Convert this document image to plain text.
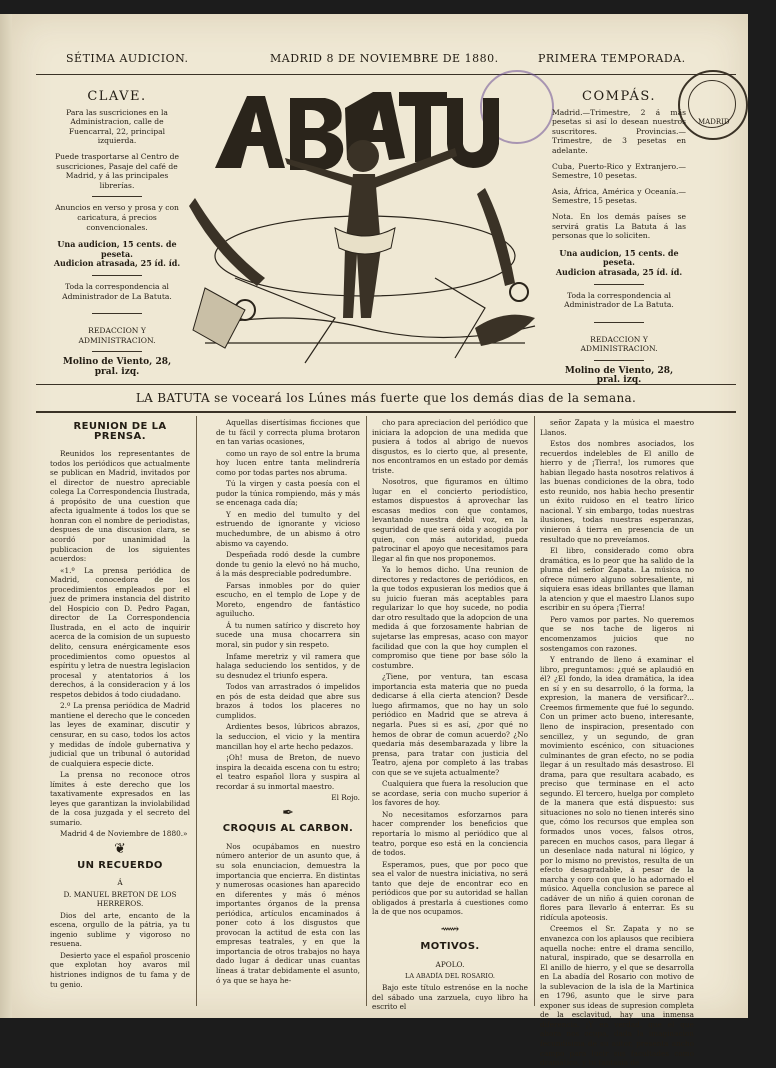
SÉTIMA AUDICION.	MADRID 8 DE NOVIEMBRE DE 1880.	PRIMERA TEMPORADA.
MADRID
CLAVE.

Para las suscriciones en la Administracion, calle de Fuencarral, 22, principal izquierda.

Puede trasportarse al Centro de suscriciones, Pasaje del café de Madrid, y á las principales librerías.

Anuncios en verso y prosa y con caricatura, á precios convencionales.

Una audicion, 15 cents. de peseta.

Audicion atrasada, 25 íd. íd.

Toda la correspondencia al Administrador de La Batuta.

REDACCION Y ADMINISTRACION.

Molino de Viento, 28, pral. izq.

COMPÁS.

Madrid.—Trimestre, 2 á más pesetas si así lo desean nuestros suscritores. Provincias.—Trimestre, de 3 pesetas en adelante.

Cuba, Puerto-Rico y Extranjero.—Semestre, 10 pesetas.

Asia, África, América y Oceanía.—Semestre, 15 pesetas.

Nota. En los demás países se servirá gratis La Batuta á las personas que lo soliciten.

Una audicion, 15 cents. de peseta.

Audicion atrasada, 25 íd. íd.

Toda la correspondencia al Administrador de La Batuta.

REDACCION Y ADMINISTRACION.

Molino de Viento, 28, pral. izq.

LA BATUTA se voceará los Lúnes más fuerte que los demás dias de la semana.
REUNION DE LA PRENSA.

Reunidos los representantes de todos los periódicos que actualmente se publican en Madrid, invitados por el director de nuestro apreciable colega La Correspondencia Ilustrada, á propósito de una cuestion que afecta igualmente á todos los que se honran con el nombre de periodistas, despues de una discusion clara, se acordó por unanimidad la publicacion de los siguientes acuerdos:

«1.º La prensa periódica de Madrid, conocedora de los procedimientos empleados por el juez de primera instancia del distrito del Hospicio con D. Pedro Pagan, director de La Correspondencia Ilustrada, en el acto de inquirir acerca de la comision de un supuesto delito, censura enérgicamente esos procedimientos como opuestos al espíritu y letra de nuestra legislacion procesal y atentatorios á los derechos, á la consideracion y á los respetos debidos á todo ciudadano.

2.º La prensa periódica de Madrid mantiene el derecho que le conceden las leyes de examinar, discutir y censurar, en su caso, todos los actos y medidas de índole gubernativa y judicial que un tribunal ó autoridad de cualquiera especie dicte.

La prensa no reconoce otros límites á este derecho que los taxativamente expresados en las leyes que garantizan la inviolabilidad de la cosa juzgada y el secreto del sumario.

Madrid 4 de Noviembre de 1880.»

❦
UN RECUERDO

Á

D. MANUEL BRETON DE LOS HERREROS.

Dios del arte, encanto de la escena, orgullo de la pátria, ya tu ingenio sublime y vigoroso no resuena.

Desierto yace el español proscenio que explotan hoy avaros mil histriones indignos de tu fama y de tu genio.

Aquellas disertísimas ficciones que de tu fácil y correcta pluma brotaron en tan varias ocasiones,

como un rayo de sol entre la bruma hoy lucen entre tanta melindrería como por todas partes nos abruma.

Tú la virgen y casta poesía con el pudor la túnica rompiendo, más y más se encenaga cada día;

Y en medio del tumulto y del estruendo de ignorante y vicioso muchedumbre, de un abismo á otro abismo va cayendo.

Despeñada rodó desde la cumbre donde tu genio la elevó no há mucho, á la más despreciable podredumbre.

Farsas inmobles por do quier escucho, en el templo de Lope y de Moreto, engendro de fantástico aguilucho.

Á tu numen satírico y discreto hoy sucede una musa chocarrera sin moral, sin pudor y sin respeto.

Infame meretriz y vil ramera que halaga seduciendo los sentidos, y de su desnudez el triunfo espera.

Todos van arrastrados ó impelidos en pós de esta deidad que abre sus brazos á todos los placeres no cumplidos.

Ardientes besos, lúbricos abrazos, la seduccion, el vicio y la mentira mancillan hoy el arte hecho pedazos.

¡Oh! musa de Breton, de nuevo inspira la decaida escena con tu estro; el teatro español llora y suspira al recordar á su inmortal maestro.

El Rojo.

✒
CROQUIS AL CARBON.

Nos ocupábamos en nuestro número anterior de un asunto que, á su sola enunciacion, demuestra la importancia que encierra. En distintas y numerosas ocasiones han aparecido en diferentes y más ó ménos importantes órganos de la prensa periódica, artículos encaminados á poner coto á los disgustos que provocan la actitud de esta con las empresas teatrales, y en que la importancia de otros trabajos no haya dado lugar á dedicar unas cuantas líneas á tratar debidamente el asunto, ó ya que se haya he-

cho para apreciacion del periódico que iniciara la adopcion de una medida que pusiera á todos al abrigo de nuevos disgustos, es lo cierto que, al presente, nos encontramos en un estado por demás triste.

Nosotros, que figuramos en último lugar en el concierto periodístico, estamos dispuestos á aprovechar las escasas medios con que contamos, levantando nuestra débil voz, en la seguridad de que será oida y acogida por quien, con más autoridad, pueda patrocinar el apoyo que necesitamos para llegar al fin que nos proponemos.

Ya lo hemos dicho. Una reunion de directores y redactores de periódicos, en la que todos expusieran los medios que á su juicio fueran más aceptables para regularizar lo que hoy sucede, no podia dar otro resultado que la adopcion de una medida á que forzosamente habrian de sujetarse las empresas, acaso con mayor facilidad que con la que hoy cumplen el compromiso que tiene por base sólo la costumbre.

¿Tiene, por ventura, tan escasa importancia esta materia que no pueda dedicarse á ella cierta atencion? Desde luego afirmamos, que no hay un solo periódico en Madrid que se atreva á negarla. Pues si es así, ¿por qué no hemos de obrar de comun acuerdo? ¿No quedaria más desembarazada y libre la prensa, para tratar con justicia del Teatro, ajena por completo á las trabas con que se ve sujeta actualmente?

Cualquiera que fuera la resolucion que se acordase, seria con mucho superior á los favores de hoy.

No necesitamos esforzarnos para hacer comprender los beneficios que reportaría lo mismo al periódico que al teatro, porque eso está en la conciencia de todos.

Esperamos, pues, que por poco que sea el valor de nuestra iniciativa, no será tanto que deje de encontrar eco en periódicos que por su autoridad se hallan obligados á prestarla á cuestiones como la de que nos ocupamos.

⟿
MOTIVOS.

APOLO.

LA ABADÍA DEL ROSARIO.

Bajo este título estrenóse en la noche del sábado una zarzuela, cuyo libro ha escrito el

señor Zapata y la música el maestro Llanos.

Estos dos nombres asociados, los recuerdos indelebles de El anillo de hierro y de ¡Tierra!, los rumores que habian llegado hasta nosotros relativos á las buenas condiciones de la obra, todo esto reunido, nos habia hecho presentir un éxito ruidoso en el teatro lírico nacional. Y sin embargo, todas nuestras ilusiones, todas nuestras esperanzas, vinieron á tierra en presencia de un resultado que no preveíamos.

El libro, considerado como obra dramática, es lo peor que ha salido de la pluma del señor Zapata. La música no ofrece número alguno sobresaliente, ni siquiera esas ideas brillantes que llaman la atencion y que el maestro Llanos supo escribir en su ópera ¡Tierra!

Pero vamos por partes. No queremos que se nos tache de ligeros ni encomenzamos juicios que no sostengamos con razones.

Y entrando de lleno á examinar el libro, preguntamos: ¿qué se aplaudió en él? ¿El fondo, la idea dramática, la idea en sí y en su desarrollo, ó la forma, la expresion, la manera de versificar?... Creemos firmemente que fué lo segundo. Con un primer acto bueno, interesante, lleno de inspiracion, presentado con sencillez, y un segundo, de gran movimiento escénico, con situaciones culminantes de gran efecto, no se podia llegar á un resultado más desastroso. El drama, para que resultara acabado, es preciso que terminase en el acto segundo. El tercero, huelga por completo de la manera que está dispuesto: sus situaciones no solo no tienen interés sino que, cómo los recursos que emplea son formados unos voces, falsos otros, parecen en muchos casos, para llegar á un desenlace nada natural ni lógico, y por lo mismo no previstos, resulta de un efecto desagradable, á pesar de la marcha y coro con que lo ha adornado el músico. Aquella conclusion se parece al cadáver de un niño á quien coronan de flores para llevarlo á enterrar. Es su ridícula apoteosis.

Creemos el Sr. Zapata y no se envanezca con los aplausos que recibiera aquella noche: entre el drama sencillo, natural, inspirado, que se desarrolla en El anillo de hierro, y el que se desarrolla en La abadía del Rosario con motivo de la sublevacion de la isla de la Martinica en 1796, asunto que le sirve para exponer sus ideas de supresion completa de la esclavitud, hay una inmensa diferencia. ¡Y en verdad, que el que ahora nos ocupa, dada la imaginacion fecundísima de su autor, presenta ancho campo para lucir sus facultades como dramático, y tu fantasía de
